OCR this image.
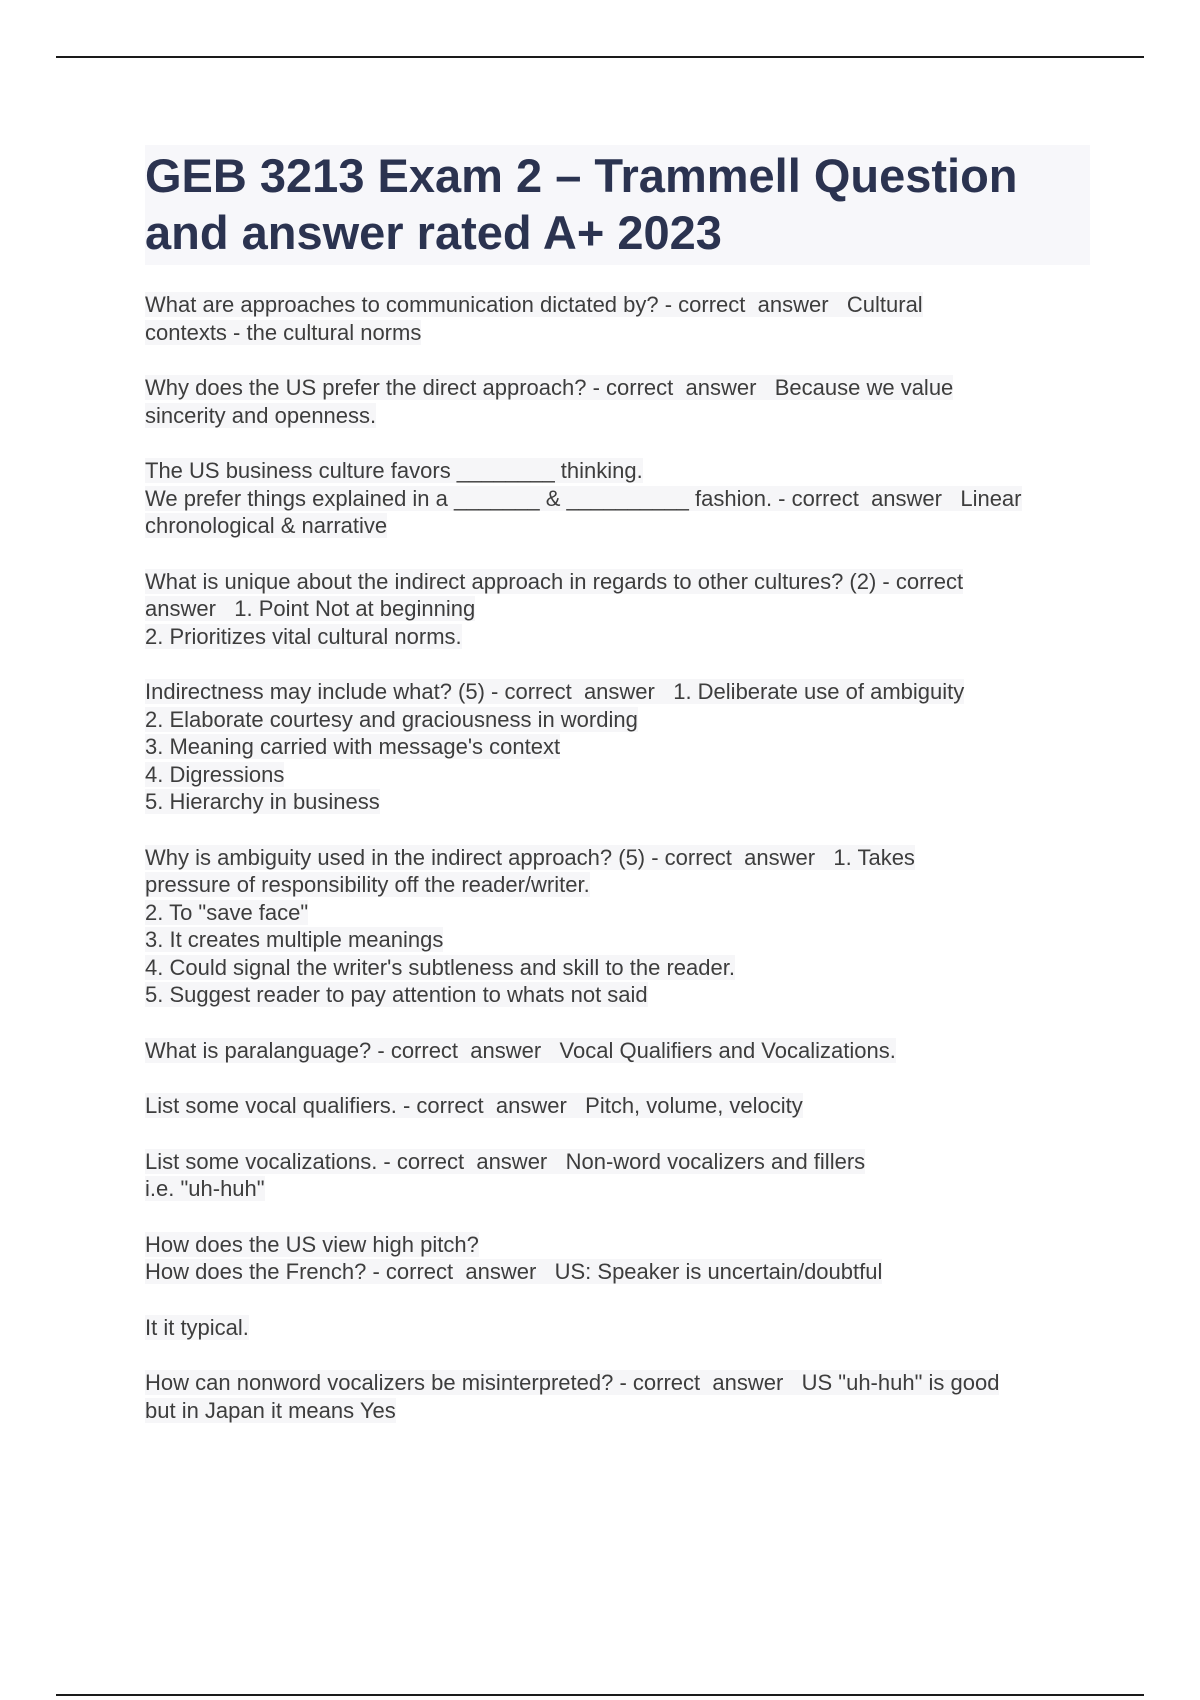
GEB 3213 Exam 2 – Trammell Question
and answer rated A+ 2023
What are approaches to communication dictated by? - correct  answer   Cultural
contexts - the cultural norms
Why does the US prefer the direct approach? - correct  answer   Because we value
sincerity and openness.
The US business culture favors ________ thinking.
We prefer things explained in a _______ & __________ fashion. - correct  answer   Linear
chronological & narrative
What is unique about the indirect approach in regards to other cultures? (2) - correct
answer   1. Point Not at beginning
2. Prioritizes vital cultural norms.
Indirectness may include what? (5) - correct  answer   1. Deliberate use of ambiguity
2. Elaborate courtesy and graciousness in wording
3. Meaning carried with message's context
4. Digressions
5. Hierarchy in business
Why is ambiguity used in the indirect approach? (5) - correct  answer   1. Takes
pressure of responsibility off the reader/writer.
2. To "save face"
3. It creates multiple meanings
4. Could signal the writer's subtleness and skill to the reader.
5. Suggest reader to pay attention to whats not said
What is paralanguage? - correct  answer   Vocal Qualifiers and Vocalizations.
List some vocal qualifiers. - correct  answer   Pitch, volume, velocity
List some vocalizations. - correct  answer   Non-word vocalizers and fillers
i.e. "uh-huh"
How does the US view high pitch?
How does the French? - correct  answer   US: Speaker is uncertain/doubtful
It it typical.
How can nonword vocalizers be misinterpreted? - correct  answer   US "uh-huh" is good
but in Japan it means Yes
